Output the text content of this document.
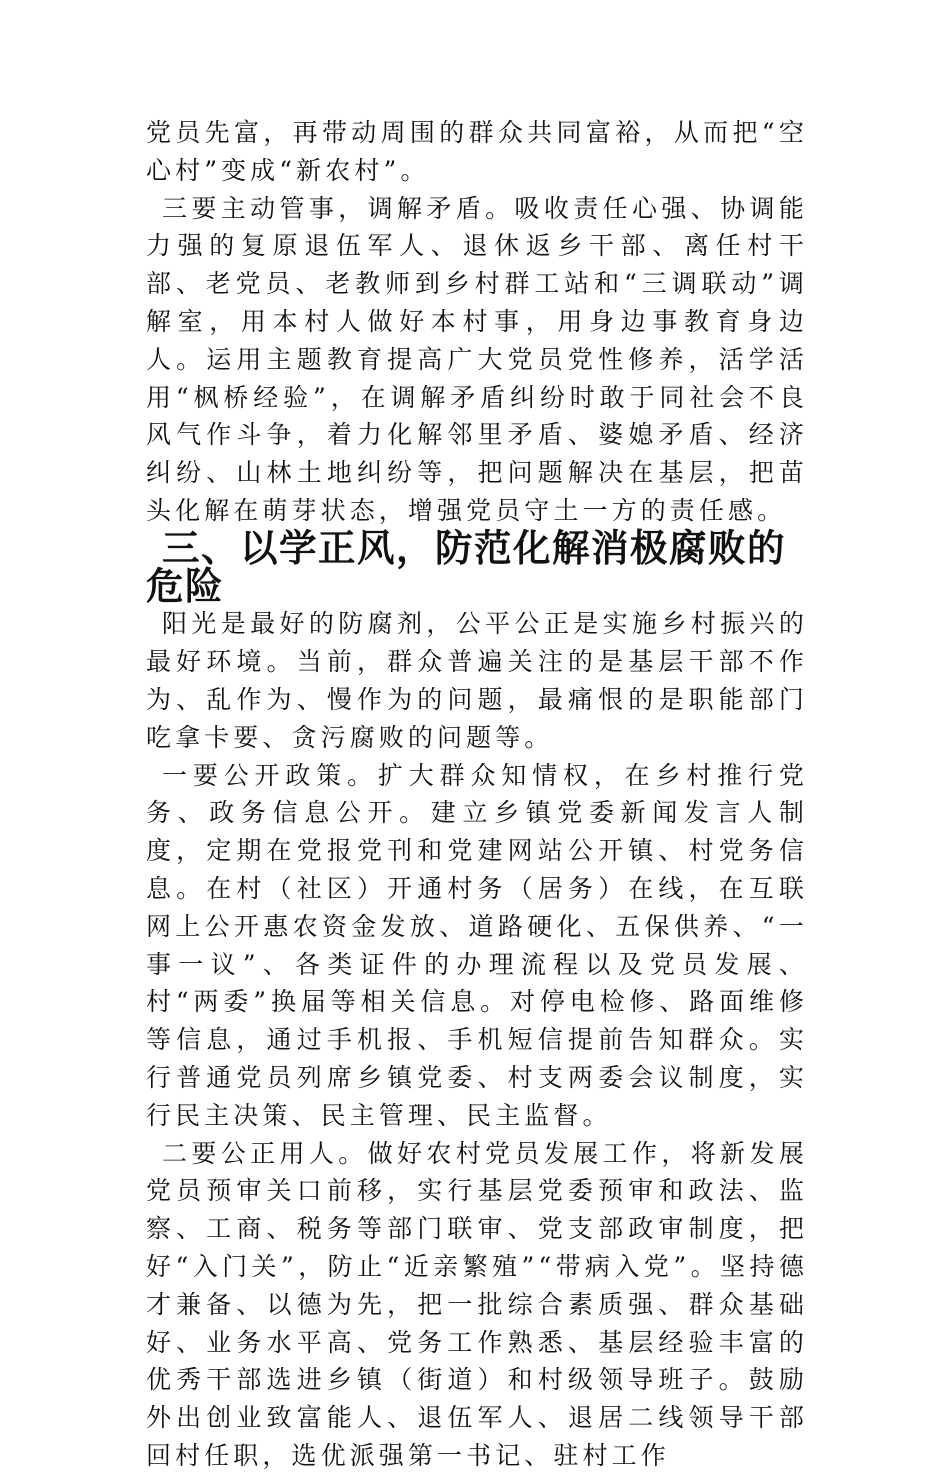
党员先富，再带动周围的群众共同富裕，从而把“空心村”变成“新农村”。

三要主动管事，调解矛盾。吸收责任心强、协调能力强的复原退伍军人、退休返乡干部、离任村干部、老党员、老教师到乡村群工站和“三调联动”调解室，用本村人做好本村事，用身边事教育身边人。运用主题教育提高广大党员党性修养，活学活用“枫桥经验”，在调解矛盾纠纷时敢于同社会不良风气作斗争，着力化解邻里矛盾、婆媳矛盾、经济纠纷、山林土地纠纷等，把问题解决在基层，把苗头化解在萌芽状态，增强党员守土一方的责任感。

三、以学正风，防范化解消极腐败的危险

阳光是最好的防腐剂，公平公正是实施乡村振兴的最好环境。当前，群众普遍关注的是基层干部不作为、乱作为、慢作为的问题，最痛恨的是职能部门吃拿卡要、贪污腐败的问题等。

一要公开政策。扩大群众知情权，在乡村推行党务、政务信息公开。建立乡镇党委新闻发言人制度，定期在党报党刊和党建网站公开镇、村党务信息。在村（社区）开通村务（居务）在线，在互联网上公开惠农资金发放、道路硬化、五保供养、“一事一议”、各类证件的办理流程以及党员发展、村“两委”换届等相关信息。对停电检修、路面维修等信息，通过手机报、手机短信提前告知群众。实行普通党员列席乡镇党委、村支两委会议制度，实行民主决策、民主管理、民主监督。

二要公正用人。做好农村党员发展工作，将新发展党员预审关口前移，实行基层党委预审和政法、监察、工商、税务等部门联审、党支部政审制度，把好“入门关”，防止“近亲繁殖”“带病入党”。坚持德才兼备、以德为先，把一批综合素质强、群众基础好、业务水平高、党务工作熟悉、基层经验丰富的优秀干部选进乡镇（街道）和村级领导班子。鼓励外出创业致富能人、退伍军人、退居二线领导干部回村任职，选优派强第一书记、驻村工作
